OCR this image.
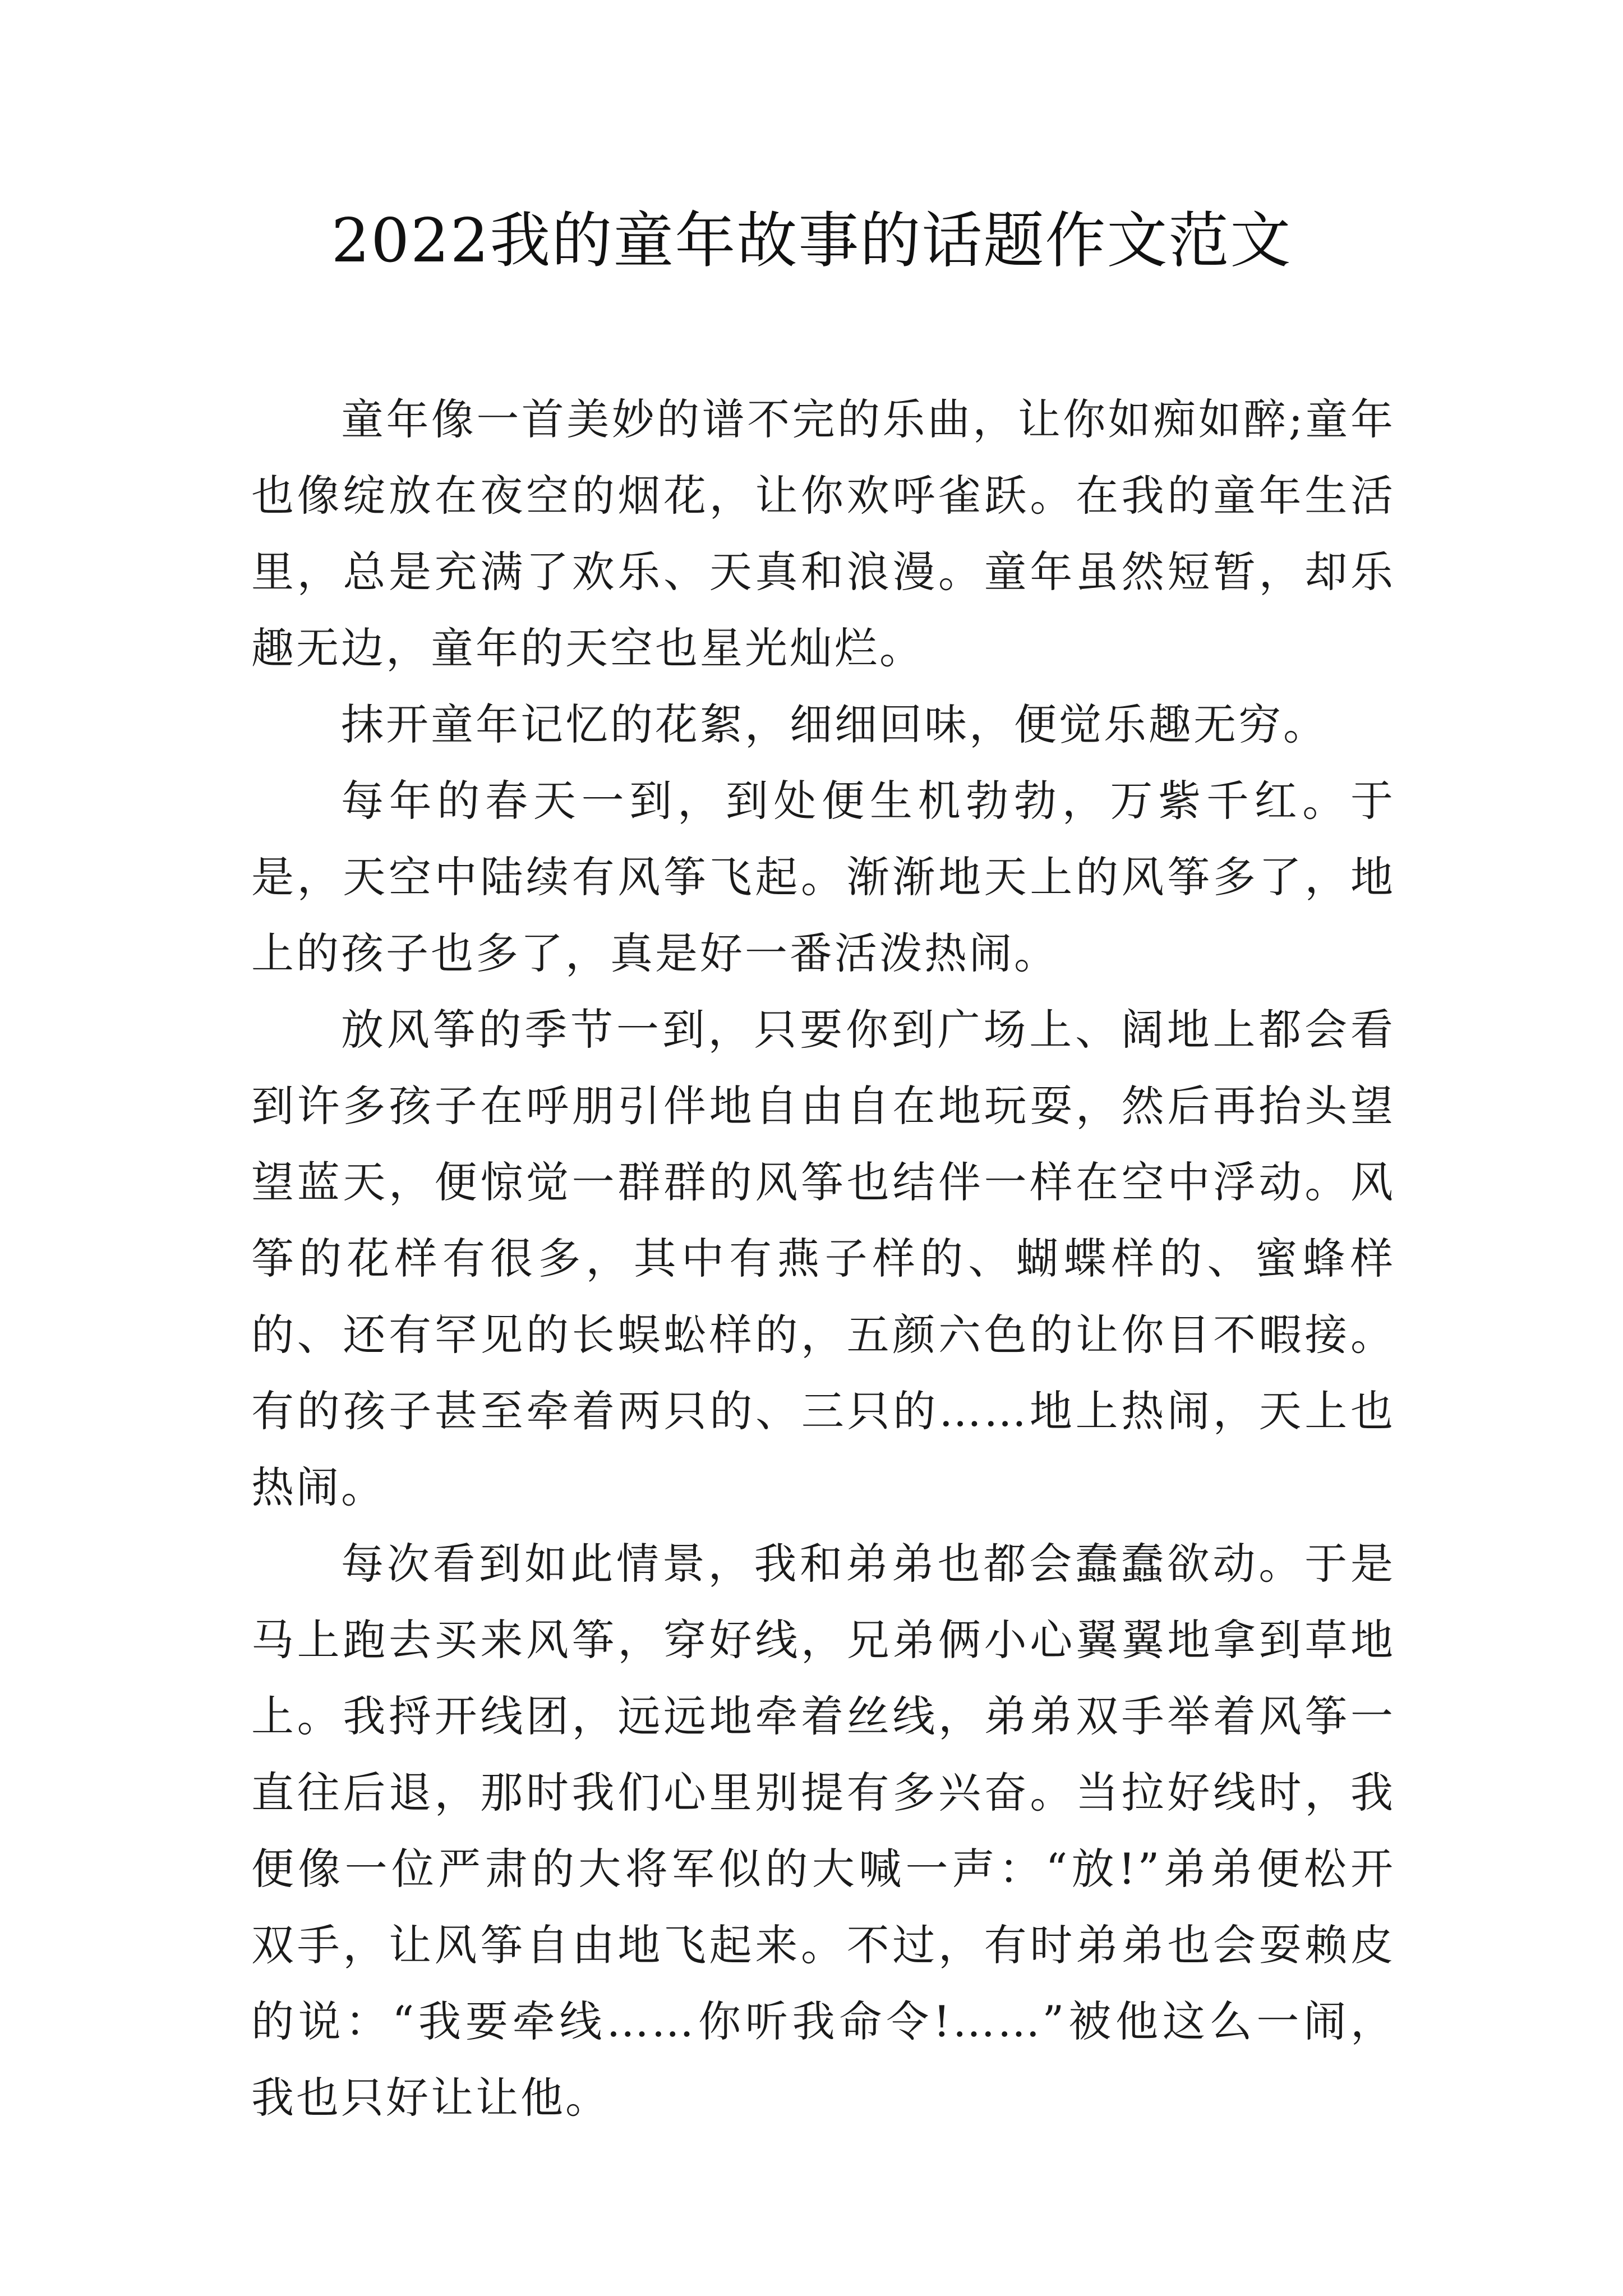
2022我的童年故事的话题作文范文

童年像一首美妙的谱不完的乐曲，让你如痴如醉;童年也像绽放在夜空的烟花，让你欢呼雀跃。在我的童年生活里，总是充满了欢乐、天真和浪漫。童年虽然短暂，却乐趣无边，童年的天空也星光灿烂。

抹开童年记忆的花絮，细细回味，便觉乐趣无穷。

每年的春天一到，到处便生机勃勃，万紫千红。于是，天空中陆续有风筝飞起。渐渐地天上的风筝多了，地上的孩子也多了，真是好一番活泼热闹。

放风筝的季节一到，只要你到广场上、阔地上都会看到许多孩子在呼朋引伴地自由自在地玩耍，然后再抬头望望蓝天，便惊觉一群群的风筝也结伴一样在空中浮动。风筝的花样有很多，其中有燕子样的、蝴蝶样的、蜜蜂样的、还有罕见的长蜈蚣样的，五颜六色的让你目不暇接。有的孩子甚至牵着两只的、三只的……地上热闹，天上也热闹。

每次看到如此情景，我和弟弟也都会蠢蠢欲动。于是马上跑去买来风筝，穿好线，兄弟俩小心翼翼地拿到草地上。我捋开线团，远远地牵着丝线，弟弟双手举着风筝一直往后退，那时我们心里别提有多兴奋。当拉好线时，我便像一位严肃的大将军似的大喊一声：“放!”弟弟便松开双手，让风筝自由地飞起来。不过，有时弟弟也会耍赖皮的说：“我要牵线……你听我命令!……”被他这么一闹，我也只好让让他。
